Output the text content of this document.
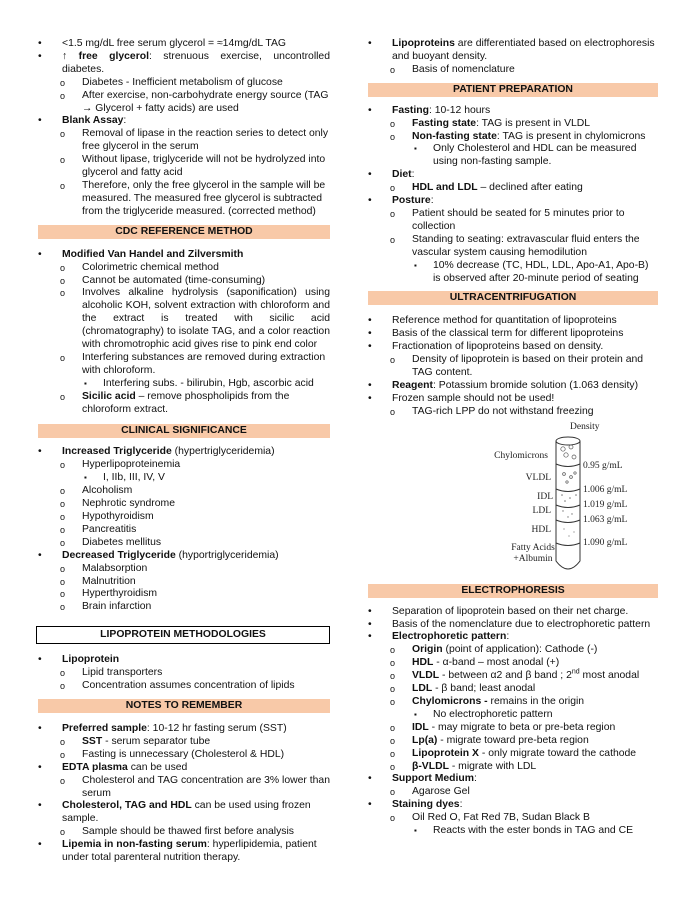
• <1.5 mg/dL free serum glycerol = ≈14mg/dL TAG
• ↑ free glycerol: strenuous exercise, uncontrolled diabetes.
o Diabetes - Inefficient metabolism of glucose
o After exercise, non-carbohydrate energy source (TAG → Glycerol + fatty acids) are used
• Blank Assay:
o Removal of lipase in the reaction series to detect only free glycerol in the serum
o Without lipase, triglyceride will not be hydrolyzed into glycerol and fatty acid
o Therefore, only the free glycerol in the sample will be measured. The measured free glycerol is subtracted from the triglyceride measured. (corrected method)
CDC REFERENCE METHOD
• Modified Van Handel and Zilversmith
o Colorimetric chemical method
o Cannot be automated (time-consuming)
o Involves alkaline hydrolysis (saponification) using alcoholic KOH, solvent extraction with chloroform and the extract is treated with sicilic acid (chromatography) to isolate TAG, and a color reaction with chromotrophic acid gives rise to pink end color
o Interfering substances are removed during extraction with chloroform.
▪ Interfering subs. - bilirubin, Hgb, ascorbic acid
o Sicilic acid – remove phospholipids from the chloroform extract.
CLINICAL SIGNIFICANCE
• Increased Triglyceride (hypertriglyceridemia)
o Hyperlipoproteinemia
▪ I, IIb, III, IV, V
o Alcoholism
o Nephrotic syndrome
o Hypothyroidism
o Pancreatitis
o Diabetes mellitus
• Decreased Triglyceride (hyportriglyceridemia)
o Malabsorption
o Malnutrition
o Hyperthyroidism
o Brain infarction
LIPOPROTEIN METHODOLOGIES
• Lipoprotein
o Lipid transporters
o Concentration assumes concentration of lipids
NOTES TO REMEMBER
• Preferred sample: 10-12 hr fasting serum (SST)
o SST - serum separator tube
o Fasting is unnecessary (Cholesterol & HDL)
• EDTA plasma can be used
o Cholesterol and TAG concentration are 3% lower than serum
• Cholesterol, TAG and HDL can be used using frozen sample.
o Sample should be thawed first before analysis
• Lipemia in non-fasting serum: hyperlipidemia, patient under total parenteral nutrition therapy.
• Lipoproteins are differentiated based on electrophoresis and buoyant density.
o Basis of nomenclature
PATIENT PREPARATION
• Fasting: 10-12 hours
o Fasting state: TAG is present in VLDL
o Non-fasting state: TAG is present in chylomicrons
▪ Only Cholesterol and HDL can be measured using non-fasting sample.
• Diet:
o HDL and LDL – declined after eating
• Posture:
o Patient should be seated for 5 minutes prior to collection
o Standing to seating: extravascular fluid enters the vascular system causing hemodilution
▪ 10% decrease (TC, HDL, LDL, Apo-A1, Apo-B) is observed after 20-minute period of seating
ULTRACENTRIFUGATION
• Reference method for quantitation of lipoproteins
• Basis of the classical term for different lipoproteins
• Fractionation of lipoproteins based on density.
o Density of lipoprotein is based on their protein and TAG content.
• Reagent: Potassium bromide solution (1.063 density)
• Frozen sample should not be used!
o TAG-rich LPP do not withstand freezing
Density
Chylomicrons
VLDL
IDL
LDL
HDL
Fatty Acids
+Albumin
0.95 g/mL
1.006 g/mL
1.019 g/mL
1.063 g/mL
1.090 g/mL
ELECTROPHORESIS
• Separation of lipoprotein based on their net charge.
• Basis of the nomenclature due to electrophoretic pattern
• Electrophoretic pattern:
o Origin (point of application): Cathode (-)
o HDL - α-band – most anodal (+)
o VLDL - between α2 and β band ; 2nd most anodal
o LDL - β band; least anodal
o Chylomicrons - remains in the origin
▪ No electrophoretic pattern
o IDL - may migrate to beta or pre-beta region
o Lp(a) - migrate toward pre-beta region
o Lipoprotein X - only migrate toward the cathode
o β-VLDL - migrate with LDL
• Support Medium:
o Agarose Gel
• Staining dyes:
o Oil Red O, Fat Red 7B, Sudan Black B
▪ Reacts with the ester bonds in TAG and CE
